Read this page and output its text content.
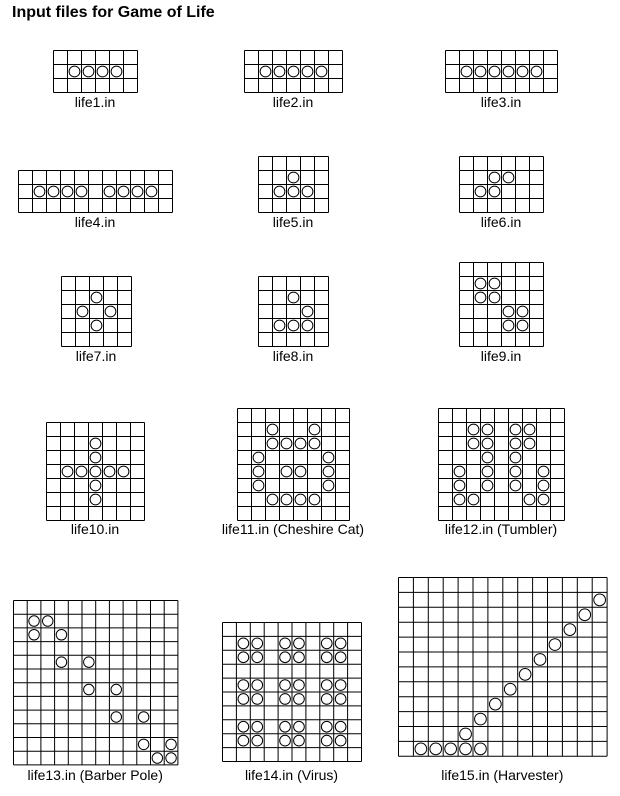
Input files for Game of Life
life1.in	life2.in	life3.in
life4.in	life5.in	life6.in
life7.in	life8.in	life9.in
life10.in	life11.in (Cheshire Cat)	life12.in (Tumbler)
life13.in (Barber Pole)	life14.in (Virus)	life15.in (Harvester)
